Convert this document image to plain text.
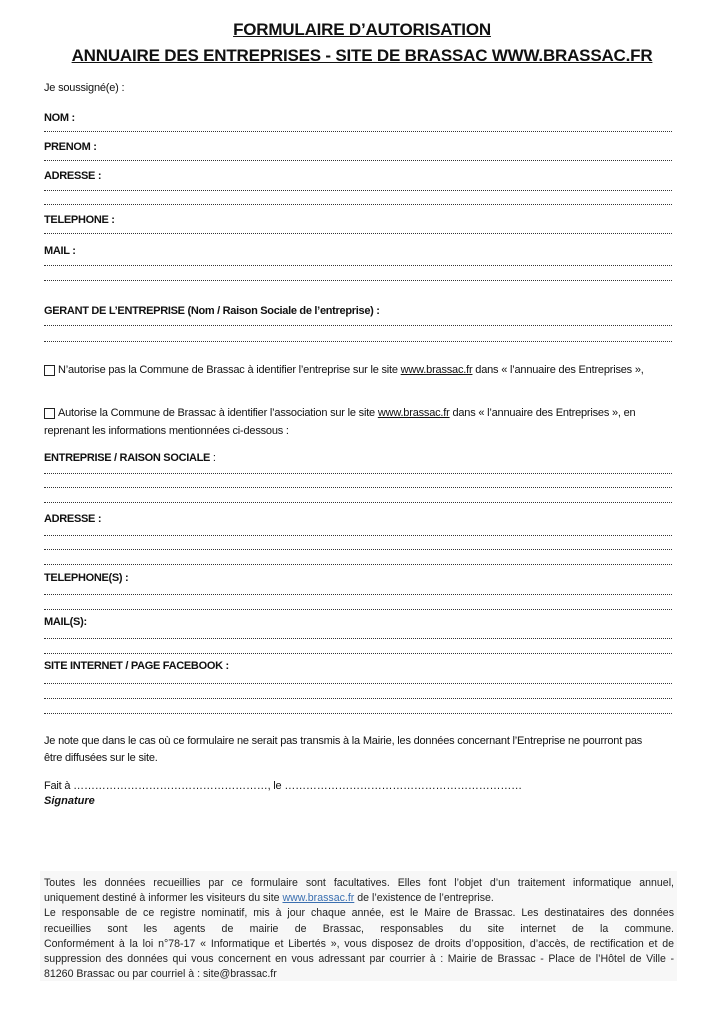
FORMULAIRE D’AUTORISATION
ANNUAIRE DES ENTREPRISES - SITE DE BRASSAC WWW.BRASSAC.FR
Je soussigné(e) :
NOM :
PRENOM :
ADRESSE :
TELEPHONE :
MAIL :
GERANT DE L’ENTREPRISE (Nom / Raison Sociale de l’entreprise) :
N’autorise pas la Commune de Brassac à identifier l’entreprise sur le site www.brassac.fr dans « l’annuaire des Entreprises »,
Autorise la Commune de Brassac à identifier l’association sur le site www.brassac.fr dans « l’annuaire des Entreprises », en
reprenant les informations mentionnées ci-dessous :
ENTREPRISE / RAISON SOCIALE :
ADRESSE :
TELEPHONE(S) :
MAIL(S):
SITE INTERNET / PAGE FACEBOOK :
Je note que dans le cas où ce formulaire ne serait pas transmis à la Mairie, les données concernant l’Entreprise ne pourront pas
être diffusées sur le site.
Fait à ………………………………………………, le …………………………………………………………
Signature
Toutes les données recueillies par ce formulaire sont facultatives. Elles font l’objet d’un traitement informatique annuel,
uniquement destiné à informer les visiteurs du site www.brassac.fr de l’existence de l’entreprise.
Le responsable de ce registre nominatif, mis à jour chaque année, est le Maire de Brassac. Les destinataires des données
recueillies sont les agents de mairie de Brassac, responsables du site internet de la commune.
Conformément à la loi n°78-17 « Informatique et Libertés », vous disposez de droits d’opposition, d’accès, de rectification et de
suppression des données qui vous concernent en vous adressant par courrier à : Mairie de Brassac - Place de l’Hôtel de Ville -
81260 Brassac ou par courriel à : site@brassac.fr
